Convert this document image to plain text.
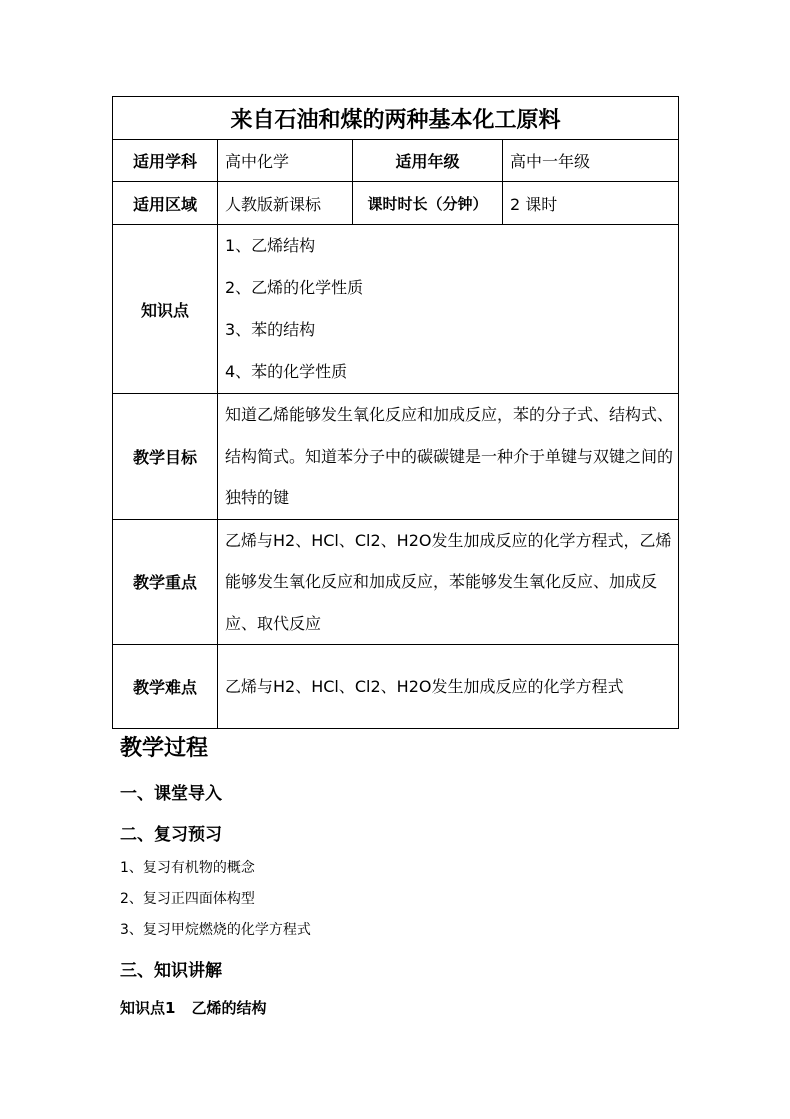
来自石油和煤的两种基本化工原料			
适用学科	高中化学	适用年级	高中一年级
适用区域	人教版新课标	课时时长（分钟）	2 课时
知识点	1、乙烯结构
2、乙烯的化学性质
3、苯的结构
4、苯的化学性质		

教学目标	知道乙烯能够发生氧化反应和加成反应，苯的分子式、结构式、结构简式。知道苯分子中的碳碳键是一种介于单键与双键之间的独特的键		
教学重点	乙烯与H2、HCl、Cl2、H2O发生加成反应的化学方程式，乙烯能够发生氧化反应和加成反应，苯能够发生氧化反应、加成反应、取代反应		
教学难点	乙烯与H2、HCl、Cl2、H2O发生加成反应的化学方程式		
教学过程
一、课堂导入
二、复习预习
1、复习有机物的概念
2、复习正四面体构型
3、复习甲烷燃烧的化学方程式
三、知识讲解
知识点1 乙烯的结构
